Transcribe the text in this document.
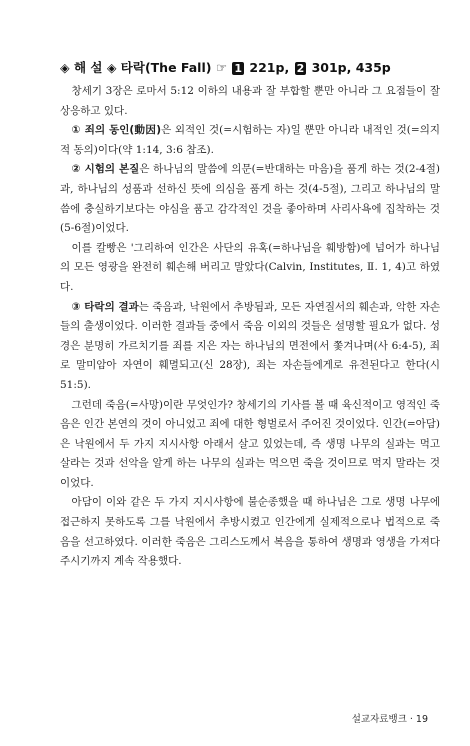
◈ 해 설 ◈ 타락(The Fall) ☞ 1 221p, 2 301p, 435p

창세기 3장은 로마서 5:12 이하의 내용과 잘 부합할 뿐만 아니라 그 요점들이 잘 상응하고 있다.

① 죄의 동인(動因)은 외적인 것(=시험하는 자)일 뿐만 아니라 내적인 것(=의지적 동의)이다(약 1:14, 3:6 참조).

② 시험의 본질은 하나님의 말씀에 의문(=반대하는 마음)을 품게 하는 것(2-4절)과, 하나님의 성품과 선하신 뜻에 의심을 품게 하는 것(4-5절), 그리고 하나님의 말씀에 충실하기보다는 야심을 품고 감각적인 것을 좋아하며 사리사욕에 집착하는 것(5-6절)이었다.

이를 칼빵은 '그리하여 인간은 사단의 유혹(=하나님을 훼방함)에 넘어가 하나님의 모든 영광을 완전히 훼손해 버리고 말았다(Calvin, Institutes, Ⅱ. 1, 4)고 하였다.

③ 타락의 결과는 죽음과, 낙원에서 추방됨과, 모든 자연질서의 훼손과, 악한 자손들의 출생이었다. 이러한 결과들 중에서 죽음 이외의 것들은 설명할 필요가 없다. 성경은 분명히 가르치기를 죄를 지은 자는 하나님의 면전에서 쫓겨나며(사 6:4-5), 죄로 말미암아 자연이 훼멸되고(신 28장), 죄는 자손들에게로 유전된다고 한다(시 51:5).

그런데 죽음(=사망)이란 무엇인가? 창세기의 기사를 볼 때 육신적이고 영적인 죽음은 인간 본연의 것이 아니었고 죄에 대한 형벌로서 주어진 것이었다. 인간(=아담)은 낙원에서 두 가지 지시사항 아래서 살고 있었는데, 즉 생명 나무의 실과는 먹고 살라는 것과 선악을 알게 하는 나무의 실과는 먹으면 죽을 것이므로 먹지 말라는 것이었다.

아담이 이와 같은 두 가지 지시사항에 불순종했을 때 하나님은 그로 생명 나무에 접근하지 못하도록 그를 낙원에서 추방시켰고 인간에게 실제적으로나 법적으로 죽음을 선고하였다. 이러한 죽음은 그리스도께서 복음을 통하여 생명과 영생을 가져다 주시기까지 계속 작용했다.

설교자료뱅크 · 19
